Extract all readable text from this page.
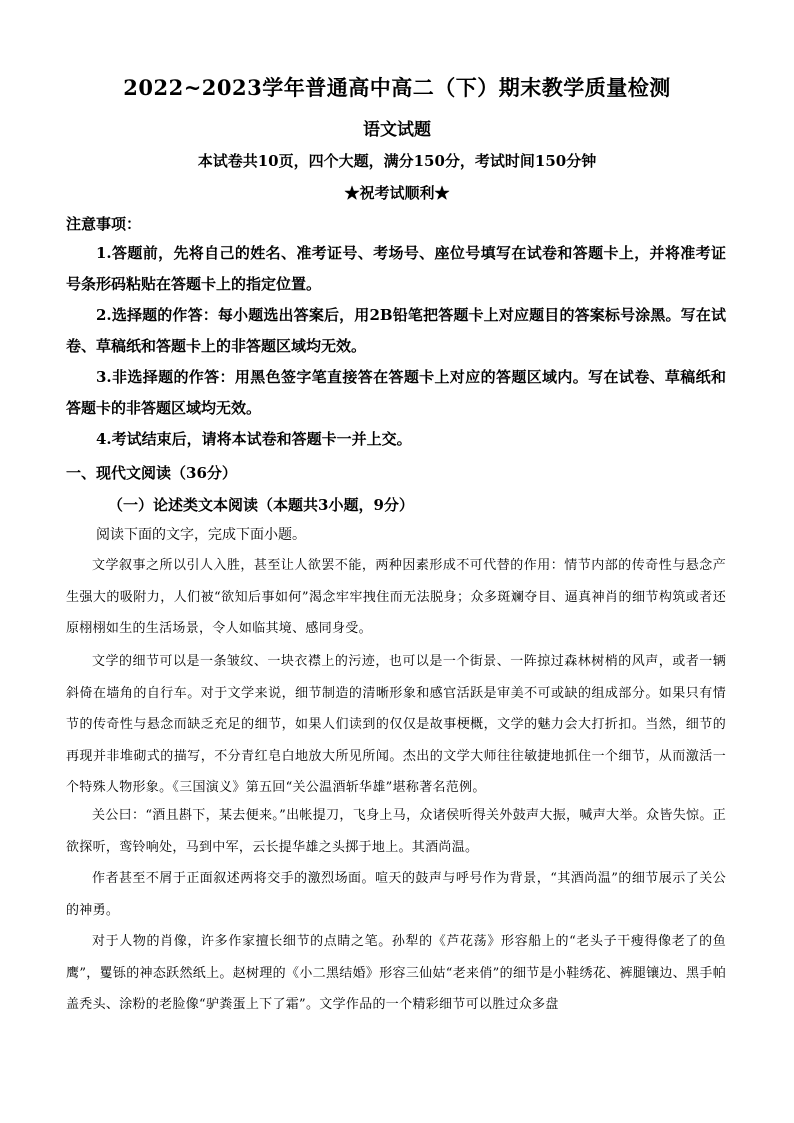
2022~2023学年普通高中高二（下）期末教学质量检测
语文试题
本试卷共10页，四个大题，满分150分，考试时间150分钟
★祝考试顺利★
注意事项：

1.答题前，先将自己的姓名、准考证号、考场号、座位号填写在试卷和答题卡上，并将准考证号条形码粘贴在答题卡上的指定位置。

2.选择题的作答：每小题选出答案后，用2B铅笔把答题卡上对应题目的答案标号涂黑。写在试卷、草稿纸和答题卡上的非答题区域均无效。

3.非选择题的作答：用黑色签字笔直接答在答题卡上对应的答题区域内。写在试卷、草稿纸和答题卡的非答题区域均无效。

4.考试结束后，请将本试卷和答题卡一并上交。

一、现代文阅读（36分）
（一）论述类文本阅读（本题共3小题，9分）
阅读下面的文字，完成下面小题。

文学叙事之所以引人入胜，甚至让人欲罢不能，两种因素形成不可代替的作用：情节内部的传奇性与悬念产生强大的吸附力，人们被“欲知后事如何”渴念牢牢拽住而无法脱身；众多斑斓夺目、逼真神肖的细节构筑或者还原栩栩如生的生活场景，令人如临其境、感同身受。

文学的细节可以是一条皱纹、一块衣襟上的污迹，也可以是一个街景、一阵掠过森林树梢的风声，或者一辆斜倚在墙角的自行车。对于文学来说，细节制造的清晰形象和感官活跃是审美不可或缺的组成部分。如果只有情节的传奇性与悬念而缺乏充足的细节，如果人们读到的仅仅是故事梗概，文学的魅力会大打折扣。当然，细节的再现并非堆砌式的描写，不分青红皂白地放大所见所闻。杰出的文学大师往往敏捷地抓住一个细节，从而激活一个特殊人物形象。《三国演义》第五回“关公温酒斩华雄”堪称著名范例。

关公曰：“酒且斟下，某去便来。”出帐提刀，飞身上马，众诸侯听得关外鼓声大振，喊声大举。众皆失惊。正欲探听，鸾铃响处，马到中军，云长提华雄之头掷于地上。其酒尚温。

作者甚至不屑于正面叙述两将交手的激烈场面。喧天的鼓声与呼号作为背景，“其酒尚温”的细节展示了关公的神勇。

对于人物的肖像，许多作家擅长细节的点睛之笔。孙犁的《芦花荡》形容船上的“老头子干瘦得像老了的鱼鹰”，矍铄的神态跃然纸上。赵树理的《小二黑结婚》形容三仙姑“老来俏”的细节是小鞋绣花、裤腿镶边、黑手帕盖秃头、涂粉的老脸像“驴粪蛋上下了霜”。文学作品的一个精彩细节可以胜过众多盘
